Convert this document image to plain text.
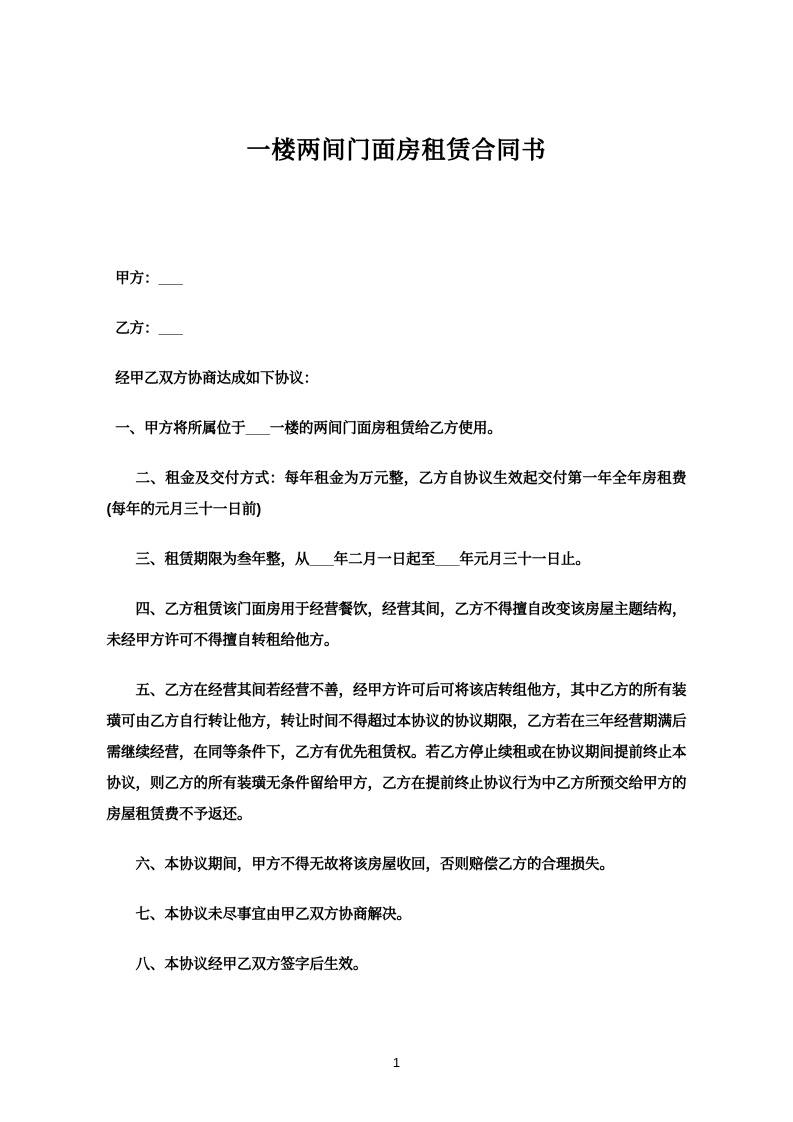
一楼两间门面房租赁合同书

甲方：___

乙方：___

经甲乙双方协商达成如下协议：

一、甲方将所属位于___一楼的两间门面房租赁给乙方使用。

二、租金及交付方式：每年租金为万元整，乙方自协议生效起交付第一年全年房租费(每年的元月三十一日前)

三、租赁期限为叁年整，从___年二月一日起至___年元月三十一日止。

四、乙方租赁该门面房用于经营餐饮，经营其间，乙方不得擅自改变该房屋主题结构，未经甲方许可不得擅自转租给他方。

五、乙方在经营其间若经营不善，经甲方许可后可将该店转组他方，其中乙方的所有装璜可由乙方自行转让他方，转让时间不得超过本协议的协议期限，乙方若在三年经营期满后需继续经营，在同等条件下，乙方有优先租赁权。若乙方停止续租或在协议期间提前终止本协议，则乙方的所有装璜无条件留给甲方，乙方在提前终止协议行为中乙方所预交给甲方的房屋租赁费不予返还。

六、本协议期间，甲方不得无故将该房屋收回，否则赔偿乙方的合理损失。

七、本协议未尽事宜由甲乙双方协商解决。

八、本协议经甲乙双方签字后生效。

1
